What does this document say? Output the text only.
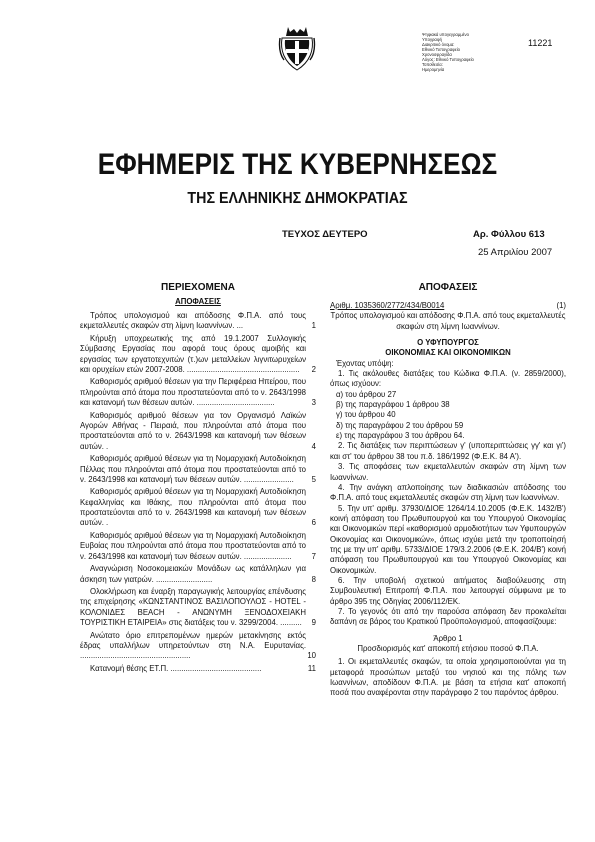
Ψηφιακά υπογεγραμμένο
Υπογραφή
Διακριτικό όνομα:
Εθνικό Τυπογραφείο
Χρονοσφραγίδα
Λόγος: Εθνικό Τυπογραφείο
Τοποθεσία:
Ημερομηνία
11221
ΕΦΗΜΕΡΙΣ ΤΗΣ ΚΥΒΕΡΝΗΣΕΩΣ
ΤΗΣ ΕΛΛΗΝΙΚΗΣ ΔΗΜΟΚΡΑΤΙΑΣ
ΤΕΥΧΟΣ ΔΕΥΤΕΡΟ	Αρ. Φύλλου 613
25 Απριλίου 2007
ΠΕΡΙΕΧΟΜΕΝΑ
ΑΠΟΦΑΣΕΙΣ
Τρόπος υπολογισμού και απόδοσης Φ.Π.Α. από τους εκμεταλλευτές σκαφών στη λίμνη Ιωαννίνων. ...	1
Κήρυξη υποχρεωτικής της από 19.1.2007 Συλλογικής Σύμβασης Εργασίας που αφορά τους όρους αμοιβής και εργασίας των εργατοτεχνιτών (τ.)ων μεταλλείων λιγνιτωρυχείων και ορυχείων ετών 2007-2008. ....................................................	2
Καθορισμός αριθμού θέσεων για την Περιφέρεια Ηπείρου, που πληρούνται από άτομα που προστατεύονται από το ν. 2643/1998 και κατανομή των θέσεων αυτών. ....................................	3
Καθορισμός αριθμού θέσεων για τον Οργανισμό Λαϊκών Αγορών Αθήνας - Πειραιά, που πληρούνται από άτομα που προστατεύονται από το ν. 2643/1998 και κατανομή των θέσεων αυτών. .	4
Καθορισμός αριθμού θέσεων για τη Νομαρχιακή Αυτοδιοίκηση Πέλλας που πληρούνται από άτομα που προστατεύονται από το ν. 2643/1998 και κατανομή των θέσεων αυτών. .......................	5
Καθορισμός αριθμού θέσεων για τη Νομαρχιακή Αυτοδιοίκηση Κεφαλληνίας και Ιθάκης, που πληρούνται από άτομα που προστατεύονται από το ν. 2643/1998 και κατανομή των θέσεων αυτών. .	6
Καθορισμός αριθμού θέσεων για τη Νομαρχιακή Αυτοδιοίκηση Ευβοίας που πληρούνται από άτομα που προστατεύονται από το ν. 2643/1998 και κατανομή των θέσεων αυτών. ......................	7
Αναγνώριση Νοσοκομειακών Μονάδων ως κατάλληλων για άσκηση των γιατρών. ..........................	8
Ολοκλήρωση και έναρξη παραγωγικής λειτουργίας επένδυσης της επιχείρησης «ΚΩΝΣΤΑΝΤΙΝΟΣ ΒΑΣΙΛΟΠΟΥΛΟΣ - HOTEL - ΚΟΛΟΝΙΔΕΣ BEACH - ΑΝΩΝΥΜΗ ΞΕΝΟΔΟΧΕΙΑΚΗ ΤΟΥΡΙΣΤΙΚΗ ΕΤΑΙΡΕΙΑ» στις διατάξεις του ν. 3299/2004. ..........	9
Ανώτατο όριο επιτρεπομένων ημερών μετακίνησης εκτός έδρας υπαλλήλων υπηρετούντων στη Ν.Α. Ευρυτανίας. ...................................................	10
Κατανομή θέσης ΕΤ.Π. ..........................................	11
ΑΠΟΦΑΣΕΙΣ
Αριθμ. 1035360/2772/434/Β0014	(1)
Τρόπος υπολογισμού και απόδοσης Φ.Π.Α. από τους εκμεταλλευτές σκαφών στη λίμνη Ιωαννίνων.
Ο ΥΦΥΠΟΥΡΓΟΣ
ΟΙΚΟΝΟΜΙΑΣ ΚΑΙ ΟΙΚΟΝΟΜΙΚΩΝ
Έχοντας υπόψη:
1. Τις ακόλουθες διατάξεις του Κώδικα Φ.Π.Α. (ν. 2859/2000), όπως ισχύουν:
α) του άρθρου 27
β) της παραγράφου 1 άρθρου 38
γ) του άρθρου 40
δ) της παραγράφου 2 του άρθρου 59
ε) της παραγράφου 3 του άρθρου 64.
2. Τις διατάξεις των περιπτώσεων γ' (υποπεριπτώσεις γγ' και γι') και στ' του άρθρου 38 του π.δ. 186/1992 (Φ.Ε.Κ. 84 Α').
3. Τις αποφάσεις των εκμεταλλευτών σκαφών στη λίμνη των Ιωαννίνων.
4. Την ανάγκη απλοποίησης των διαδικασιών απόδοσης του Φ.Π.Α. από τους εκμεταλλευτές σκαφών στη λίμνη των Ιωαννίνων.
5. Την υπ' αριθμ. 37930/ΔΙΟΕ 1264/14.10.2005 (Φ.Ε.Κ. 1432/Β') κοινή απόφαση του Πρωθυπουργού και του Υπουργού Οικονομίας και Οικονομικών περί «καθορισμού αρμοδιοτήτων των Υφυπουργών Οικονομίας και Οικονομικών», όπως ισχύει μετά την τροποποίησή της με την υπ' αριθμ. 5733/ΔΙΟΕ 179/3.2.2006 (Φ.Ε.Κ. 204/Β') κοινή απόφαση του Πρωθυπουργού και του Υπουργού Οικονομίας και Οικονομικών.
6. Την υποβολή σχετικού αιτήματος διαβούλευσης στη Συμβουλευτική Επιτροπή Φ.Π.Α. που λειτουργεί σύμφωνα με το άρθρο 395 της Οδηγίας 2006/112/ΕΚ.
7. Το γεγονός ότι από την παρούσα απόφαση δεν προκαλείται δαπάνη σε βάρος του Κρατικού Προϋπολογισμού, αποφασίζουμε:
Άρθρο 1
Προσδιορισμός κατ' αποκοπή ετήσιου ποσού Φ.Π.Α.
1. Οι εκμεταλλευτές σκαφών, τα οποία χρησιμοποιούνται για τη μεταφορά προσώπων μεταξύ του νησιού και της πόλης των Ιωαννίνων, αποδίδουν Φ.Π.Α. με βάση τα ετήσια κατ' αποκοπή ποσά που αναφέρονται στην παράγραφο 2 του παρόντος άρθρου.
